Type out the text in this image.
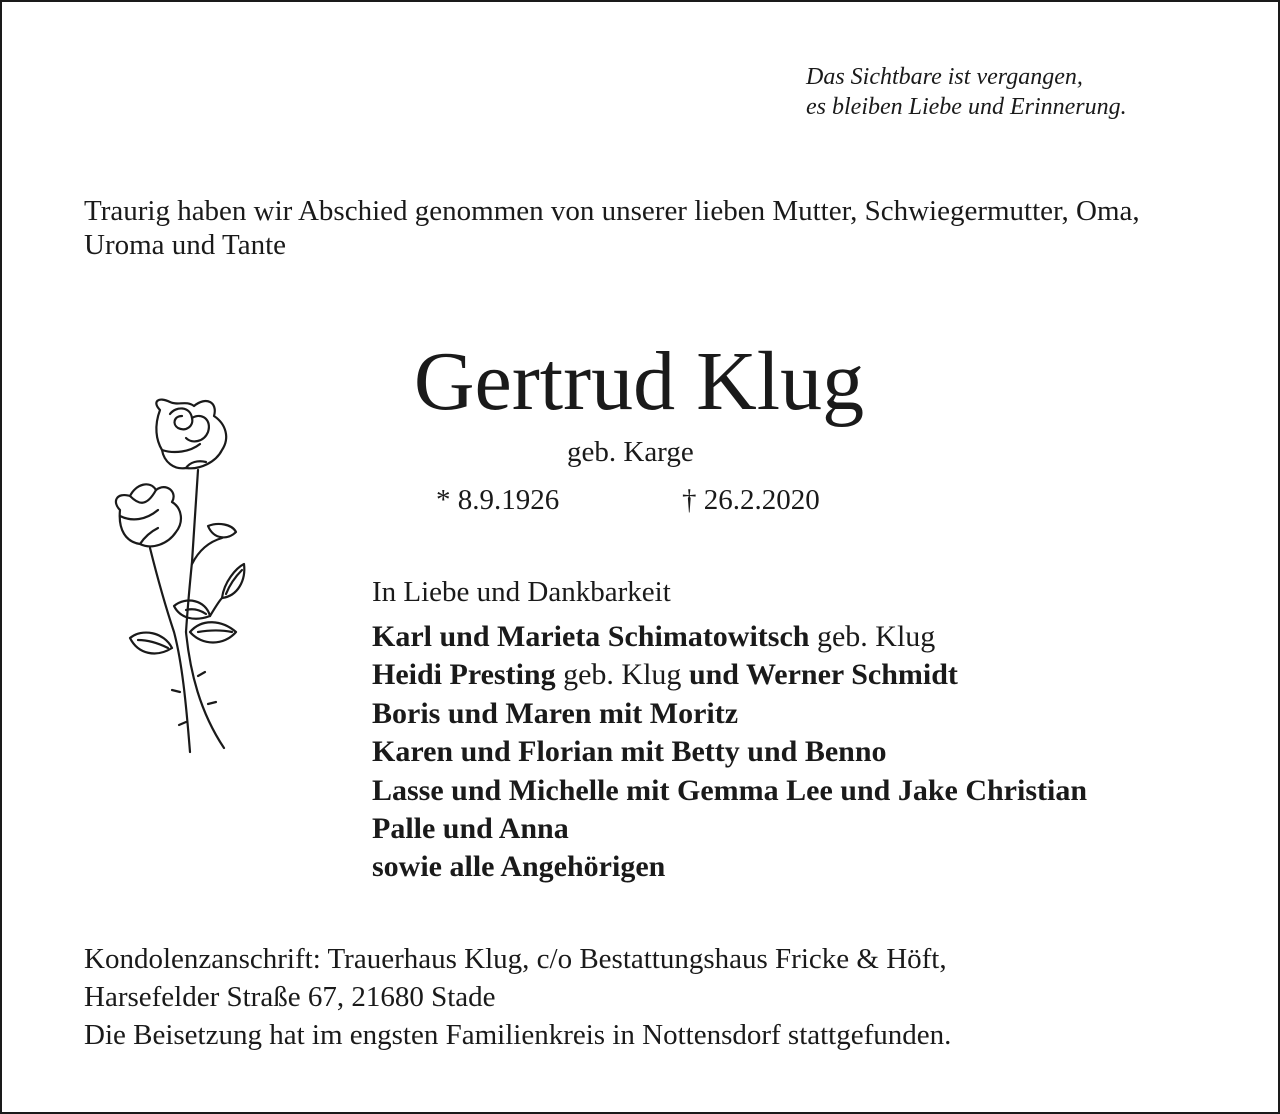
Das Sichtbare ist vergangen,
es bleiben Liebe und Erinnerung.
Traurig haben wir Abschied genommen von unserer lieben Mutter, Schwiegermutter, Oma, Uroma und Tante
Gertrud Klug
geb. Karge
* 8.9.1926	† 26.2.2020
In Liebe und Dankbarkeit
Karl und Marieta Schimatowitsch geb. Klug
Heidi Presting geb. Klug und Werner Schmidt
Boris und Maren mit Moritz
Karen und Florian mit Betty und Benno
Lasse und Michelle mit Gemma Lee und Jake Christian
Palle und Anna
sowie alle Angehörigen
Kondolenzanschrift: Trauerhaus Klug, c/o Bestattungshaus Fricke & Höft,
Harsefelder Straße 67, 21680 Stade
Die Beisetzung hat im engsten Familienkreis in Nottensdorf stattgefunden.
